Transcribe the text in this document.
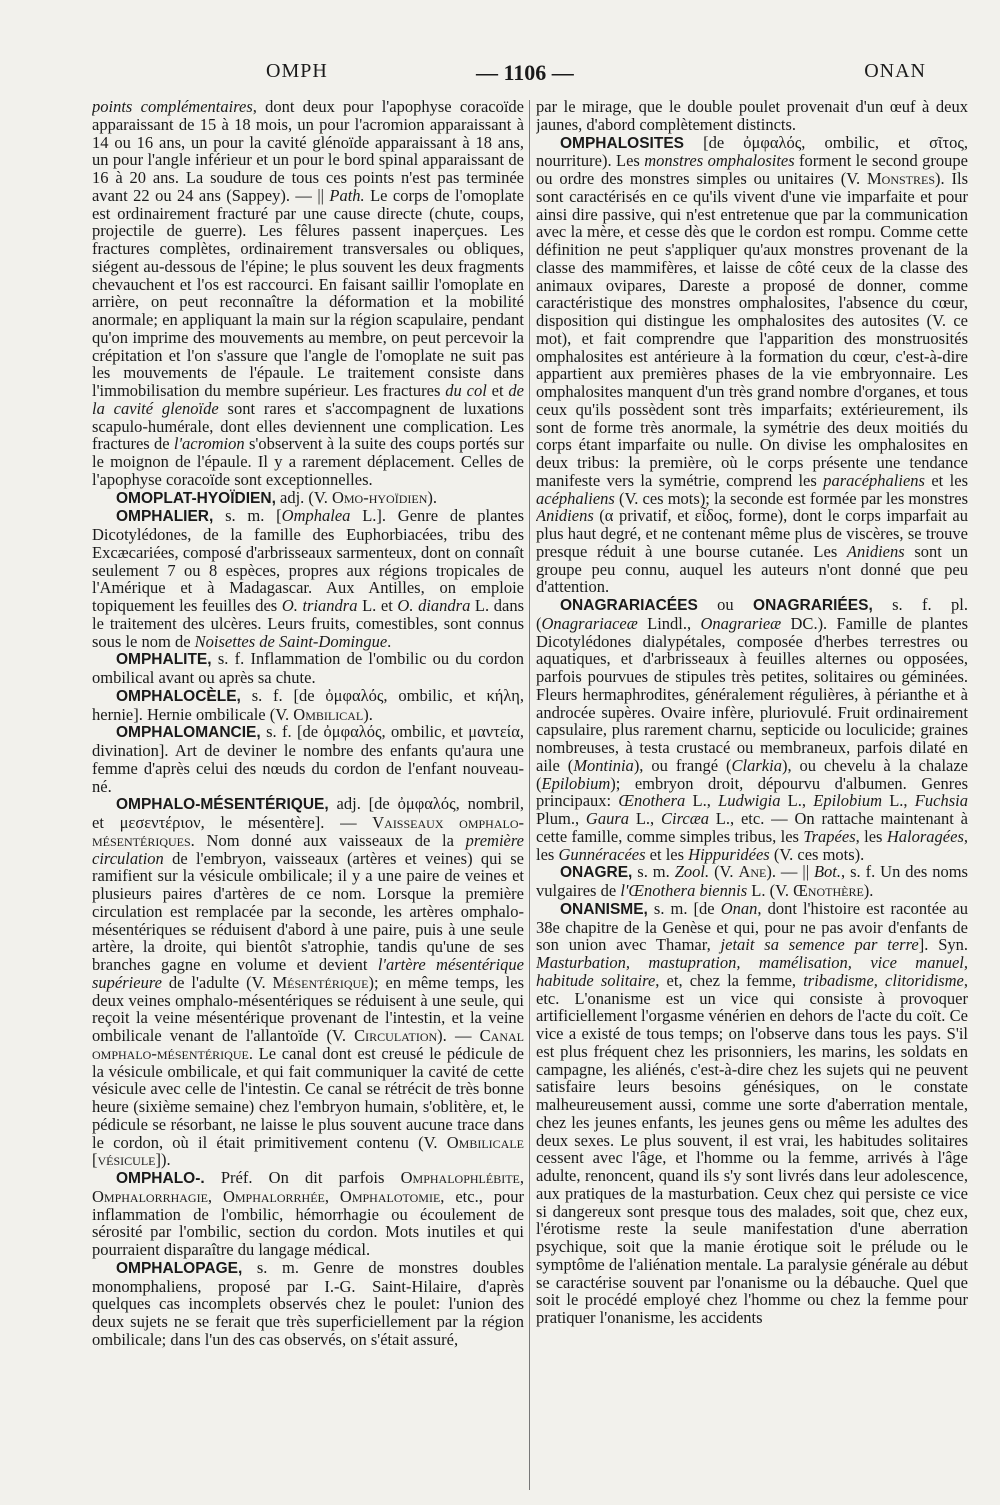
OMPH	— 1106 —	ONAN

points complémentaires, dont deux pour l'apophyse coracoïde apparaissant de 15 à 18 mois, un pour l'acromion apparaissant à 14 ou 16 ans, un pour la cavité glénoïde apparaissant à 18 ans, un pour l'angle inférieur et un pour le bord spinal apparaissant de 16 à 20 ans. La soudure de tous ces points n'est pas terminée avant 22 ou 24 ans (Sappey). — || Path. Le corps de l'omoplate est ordinairement fracturé par une cause directe (chute, coups, projectile de guerre). Les fêlures passent inaperçues. Les fractures complètes, ordinairement transversales ou obliques, siégent au-dessous de l'épine; le plus souvent les deux fragments chevauchent et l'os est raccourci. En faisant saillir l'omoplate en arrière, on peut reconnaître la déformation et la mobilité anormale; en appliquant la main sur la région scapulaire, pendant qu'on imprime des mouvements au membre, on peut percevoir la crépitation et l'on s'assure que l'angle de l'omoplate ne suit pas les mouvements de l'épaule. Le traitement consiste dans l'immobilisation du membre supérieur. Les fractures du col et de la cavité glenoïde sont rares et s'accompagnent de luxations scapulo-humérale, dont elles deviennent une complication. Les fractures de l'acromion s'observent à la suite des coups portés sur le moignon de l'épaule. Il y a rarement déplacement. Celles de l'apophyse coracoïde sont exceptionnelles.

OMOPLAT-HYOÏDIEN, adj. (V. Omo-hyoïdien).

OMPHALIER, s. m. [Omphalea L.]. Genre de plantes Dicotylédones, de la famille des Euphorbiacées, tribu des Excæcariées, composé d'arbrisseaux sarmenteux, dont on connaît seulement 7 ou 8 espèces, propres aux régions tropicales de l'Amérique et à Madagascar. Aux Antilles, on emploie topiquement les feuilles des O. triandra L. et O. diandra L. dans le traitement des ulcères. Leurs fruits, comestibles, sont connus sous le nom de Noisettes de Saint-Domingue.

OMPHALITE, s. f. Inflammation de l'ombilic ou du cordon ombilical avant ou après sa chute.

OMPHALOCÈLE, s. f. [de ὀμφαλός, ombilic, et κήλη, hernie]. Hernie ombilicale (V. Ombilical).

OMPHALOMANCIE, s. f. [de ὀμφαλός, ombilic, et μαντεία, divination]. Art de deviner le nombre des enfants qu'aura une femme d'après celui des nœuds du cordon de l'enfant nouveau-né.

OMPHALO-MÉSENTÉRIQUE, adj. [de ὀμφαλός, nombril, et μεσεντέριον, le mésentère]. — Vaisseaux omphalo-mésentériques. Nom donné aux vaisseaux de la première circulation de l'embryon, vaisseaux (artères et veines) qui se ramifient sur la vésicule ombilicale; il y a une paire de veines et plusieurs paires d'artères de ce nom. Lorsque la première circulation est remplacée par la seconde, les artères omphalo-mésentériques se réduisent d'abord à une paire, puis à une seule artère, la droite, qui bientôt s'atrophie, tandis qu'une de ses branches gagne en volume et devient l'artère mésentérique supérieure de l'adulte (V. Mésentérique); en même temps, les deux veines omphalo-mésentériques se réduisent à une seule, qui reçoit la veine mésentérique provenant de l'intestin, et la veine ombilicale venant de l'allantoïde (V. Circulation). — Canal omphalo-mésentérique. Le canal dont est creusé le pédicule de la vésicule ombilicale, et qui fait communiquer la cavité de cette vésicule avec celle de l'intestin. Ce canal se rétrécit de très bonne heure (sixième semaine) chez l'embryon humain, s'oblitère, et, le pédicule se résorbant, ne laisse le plus souvent aucune trace dans le cordon, où il était primitivement contenu (V. Ombilicale [vésicule]).

OMPHALO-. Préf. On dit parfois Omphalophlébite, Omphalorrhagie, Omphalorrhée, Omphalotomie, etc., pour inflammation de l'ombilic, hémorrhagie ou écoulement de sérosité par l'ombilic, section du cordon. Mots inutiles et qui pourraient disparaître du langage médical.

OMPHALOPAGE, s. m. Genre de monstres doubles monomphaliens, proposé par I.-G. Saint-Hilaire, d'après quelques cas incomplets observés chez le poulet: l'union des deux sujets ne se ferait que très superficiellement par la région ombilicale; dans l'un des cas observés, on s'était assuré,

par le mirage, que le double poulet provenait d'un œuf à deux jaunes, d'abord complètement distincts.

OMPHALOSITES [de ὀμφαλός, ombilic, et σῖτος, nourriture). Les monstres omphalosites forment le second groupe ou ordre des monstres simples ou unitaires (V. Monstres). Ils sont caractérisés en ce qu'ils vivent d'une vie imparfaite et pour ainsi dire passive, qui n'est entretenue que par la communication avec la mère, et cesse dès que le cordon est rompu. Comme cette définition ne peut s'appliquer qu'aux monstres provenant de la classe des mammifères, et laisse de côté ceux de la classe des animaux ovipares, Dareste a proposé de donner, comme caractéristique des monstres omphalosites, l'absence du cœur, disposition qui distingue les omphalosites des autosites (V. ce mot), et fait comprendre que l'apparition des monstruosités omphalosites est antérieure à la formation du cœur, c'est-à-dire appartient aux premières phases de la vie embryonnaire. Les omphalosites manquent d'un très grand nombre d'organes, et tous ceux qu'ils possèdent sont très imparfaits; extérieurement, ils sont de forme très anormale, la symétrie des deux moitiés du corps étant imparfaite ou nulle. On divise les omphalosites en deux tribus: la première, où le corps présente une tendance manifeste vers la symétrie, comprend les paracéphaliens et les acéphaliens (V. ces mots); la seconde est formée par les monstres Anidiens (α privatif, et εἶδος, forme), dont le corps imparfait au plus haut degré, et ne contenant même plus de viscères, se trouve presque réduit à une bourse cutanée. Les Anidiens sont un groupe peu connu, auquel les auteurs n'ont donné que peu d'attention.

ONAGRARIACÉES ou ONAGRARIÉES, s. f. pl. (Onagrariaceæ Lindl., Onagrarieæ DC.). Famille de plantes Dicotylédones dialypétales, composée d'herbes terrestres ou aquatiques, et d'arbrisseaux à feuilles alternes ou opposées, parfois pourvues de stipules très petites, solitaires ou géminées. Fleurs hermaphrodites, généralement régulières, à périanthe et à androcée supères. Ovaire infère, pluriovulé. Fruit ordinairement capsulaire, plus rarement charnu, septicide ou loculicide; graines nombreuses, à testa crustacé ou membraneux, parfois dilaté en aile (Montinia), ou frangé (Clarkia), ou chevelu à la chalaze (Epilobium); embryon droit, dépourvu d'albumen. Genres principaux: Œnothera L., Ludwigia L., Epilobium L., Fuchsia Plum., Gaura L., Circæa L., etc. — On rattache maintenant à cette famille, comme simples tribus, les Trapées, les Haloragées, les Gunnéracées et les Hippuridées (V. ces mots).

ONAGRE, s. m. Zool. (V. Ane). — || Bot., s. f. Un des noms vulgaires de l'Œnothera biennis L. (V. Œnothère).

ONANISME, s. m. [de Onan, dont l'histoire est racontée au 38e chapitre de la Genèse et qui, pour ne pas avoir d'enfants de son union avec Thamar, jetait sa semence par terre]. Syn. Masturbation, mastupration, mamélisation, vice manuel, habitude solitaire, et, chez la femme, tribadisme, clitoridisme, etc. L'onanisme est un vice qui consiste à provoquer artificiellement l'orgasme vénérien en dehors de l'acte du coït. Ce vice a existé de tous temps; on l'observe dans tous les pays. S'il est plus fréquent chez les prisonniers, les marins, les soldats en campagne, les aliénés, c'est-à-dire chez les sujets qui ne peuvent satisfaire leurs besoins génésiques, on le constate malheureusement aussi, comme une sorte d'aberration mentale, chez les jeunes enfants, les jeunes gens ou même les adultes des deux sexes. Le plus souvent, il est vrai, les habitudes solitaires cessent avec l'âge, et l'homme ou la femme, arrivés à l'âge adulte, renoncent, quand ils s'y sont livrés dans leur adolescence, aux pratiques de la masturbation. Ceux chez qui persiste ce vice si dangereux sont presque tous des malades, soit que, chez eux, l'érotisme reste la seule manifestation d'une aberration psychique, soit que la manie érotique soit le prélude ou le symptôme de l'aliénation mentale. La paralysie générale au début se caractérise souvent par l'onanisme ou la débauche. Quel que soit le procédé employé chez l'homme ou chez la femme pour pratiquer l'onanisme, les accidents
